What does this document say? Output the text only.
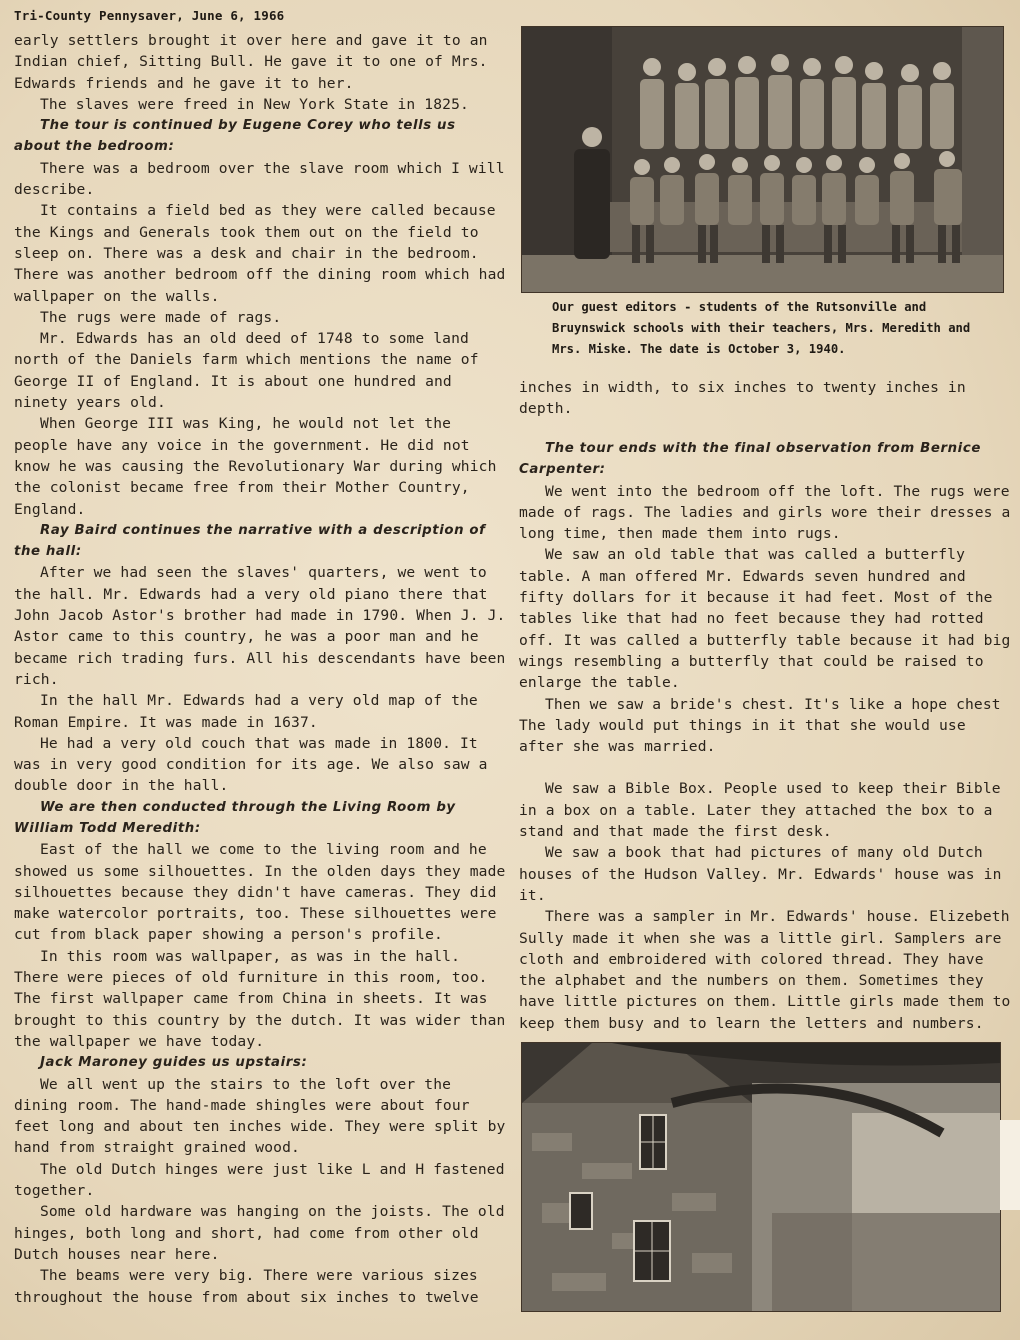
Tri-County Pennysaver, June 6, 1966

early settlers brought it over here and gave it to an Indian chief, Sitting Bull. He gave it to one of Mrs. Edwards friends and he gave it to her.

The slaves were freed in New York State in 1825.

The tour is continued by Eugene Corey who tells us about the bedroom:

There was a bedroom over the slave room which I will describe.

It contains a field bed as they were called because the Kings and Generals took them out on the field to sleep on. There was a desk and chair in the bedroom. There was another bedroom off the dining room which had wallpaper on the walls.

The rugs were made of rags.

Mr. Edwards has an old deed of 1748 to some land north of the Daniels farm which mentions the name of George II of England. It is about one hundred and ninety years old.

When George III was King, he would not let the people have any voice in the government. He did not know he was causing the Revolutionary War during which the colonist became free from their Mother Country, England.

Ray Baird continues the narrative with a description of the hall:

After we had seen the slaves' quarters, we went to the hall. Mr. Edwards had a very old piano there that John Jacob Astor's brother had made in 1790. When J. J. Astor came to this country, he was a poor man and he became rich trading furs. All his descendants have been rich.

In the hall Mr. Edwards had a very old map of the Roman Empire. It was made in 1637.

He had a very old couch that was made in 1800. It was in very good condition for its age. We also saw a double door in the hall.

We are then conducted through the Living Room by William Todd Meredith:

East of the hall we come to the living room and he showed us some silhouettes. In the olden days they made silhouettes because they didn't have cameras. They did make watercolor portraits, too. These silhouettes were cut from black paper showing a person's profile.

In this room was wallpaper, as was in the hall. There were pieces of old furniture in this room, too. The first wallpaper came from China in sheets. It was brought to this country by the dutch. It was wider than the wallpaper we have today.

Jack Maroney guides us upstairs:

We all went up the stairs to the loft over the dining room. The hand-made shingles were about four feet long and about ten inches wide. They were split by hand from straight grained wood.

The old Dutch hinges were just like L and H fastened together.

Some old hardware was hanging on the joists. The old hinges, both long and short, had come from other old Dutch houses near here.

The beams were very big. There were various sizes throughout the house from about six inches to twelve

Our guest editors - students of the Rutsonville and Bruynswick schools with their teachers, Mrs. Meredith and Mrs. Miske. The date is October 3, 1940.

inches in width, to six inches to twenty inches in depth.

The tour ends with the final observation from Bernice Carpenter:

We went into the bedroom off the loft. The rugs were made of rags. The ladies and girls wore their dresses a long time, then made them into rugs.

We saw an old table that was called a butterfly table. A man offered Mr. Edwards seven hundred and fifty dollars for it because it had feet. Most of the tables like that had no feet because they had rotted off. It was called a butterfly table because it had big wings resembling a butterfly that could be raised to enlarge the table.

Then we saw a bride's chest. It's like a hope chest The lady would put things in it that she would use after she was married.

We saw a Bible Box. People used to keep their Bible in a box on a table. Later they attached the box to a stand and that made the first desk.

We saw a book that had pictures of many old Dutch houses of the Hudson Valley. Mr. Edwards' house was in it.

There was a sampler in Mr. Edwards' house. Elizebeth Sully made it when she was a little girl. Samplers are cloth and embroidered with colored thread. They have the alphabet and the numbers on them. Sometimes they have little pictures on them. Little girls made them to keep them busy and to learn the letters and numbers.
